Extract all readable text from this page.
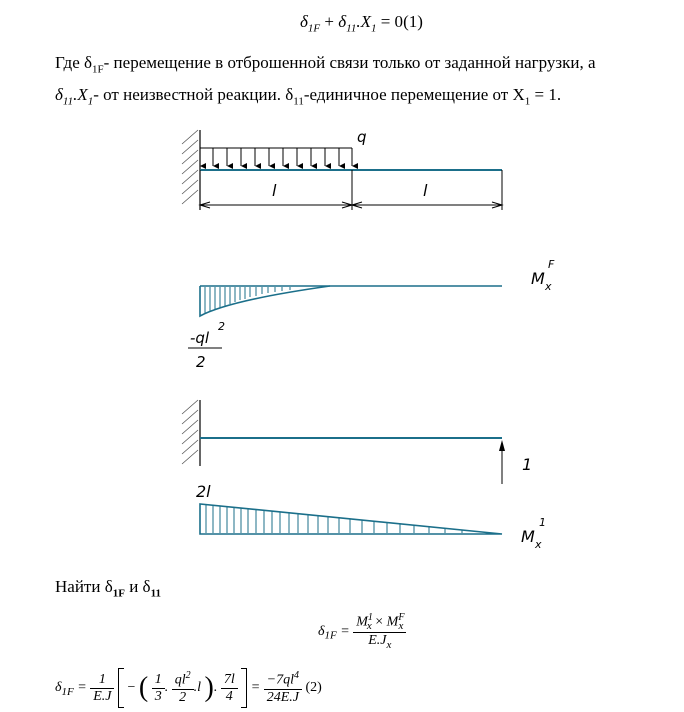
$\delta_{1F} + \delta_{11}.X_1 = 0(1)$
Где $\delta_{1F}-$ перемещение в отброшенной связи только от заданной нагрузки, а
$\delta_{11}.X_1-$ от неизвестной реакции. $\delta_{11}$-единичное перемещение от $X_1 = 1$.
q
l	l
M x
F
-ql
2
2
1
2l
M x
1
Найти $\delta_{1F}$ и $\delta_{11}$
$\delta_{1F} = \frac{M^1_x \times M^F_x}{E.J_x}$
$\delta_{1F} = \frac{1}{E.J}$ − ( $\frac{1}{3}$ . $\frac{ql^2}{2} .l$ ). $\frac{7l}{4} = \frac{-7ql^4}{24E.J} (2)$
